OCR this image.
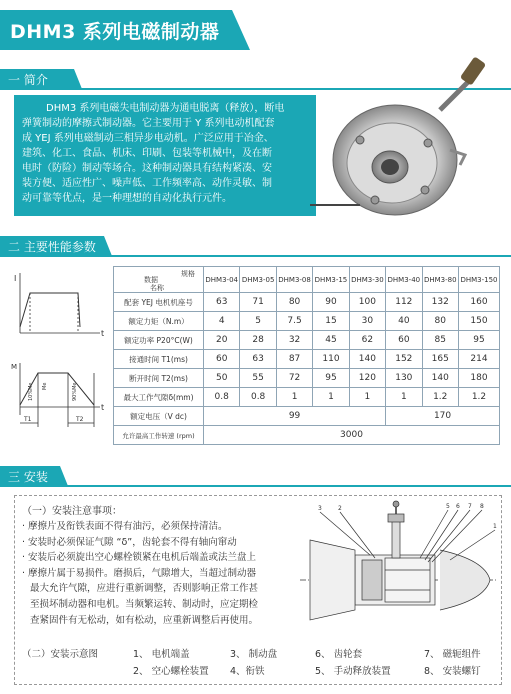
DHM3 系列电磁制动器
一 简介
DHM3 系列电磁失电制动器为通电脱离（释放），断电
弹簧制动的摩擦式制动器。它主要用于 Y 系列电动机配套
成 YEJ 系列电磁制动三相异步电动机。广泛应用于冶金、
建筑、化工、食品、机床、印刷、包装等机械中，及在断
电时（防险）制动等场合。这种制动器具有结构紧凑、安
装方便、适应性广、噪声低、工作频率高、动作灵敏、制
动可靠等优点，是一种理想的自动化执行元件。
二 主要性能参数
I
t
M
t
10%Me Me	90%Me
T1	T2
规格
数据
名称	DHM3-04	DHM3-05	DHM3-08	DHM3-15	DHM3-30	DHM3-40	DHM3-80	DHM3-150
配套 YEJ 电机机座号	63	71	80	90	100	112	132	160
额定力矩（N.m）	4	5	7.5	15	30	40	80	150
额定功率 P20°C(W)	20	28	32	45	62	60	85	95
接通时间 T1(ms)	60	63	87	110	140	152	165	214
断开时间 T2(ms)	50	55	72	95	120	130	140	180
最大工作气隙δ(mm)	0.8	0.8	1	1	1	1	1.2	1.2
额定电压（V dc)	99					170		
允许最高工作转速 (rpm)	3000							
三 安装
（一）安装注意事项：
· 摩擦片及衔铁表面不得有油污，必须保持清洁。
· 安装时必须保证气隙 “δ”，齿轮套不得有轴向窜动
· 安装后必须旋出空心螺栓锁紧在电机后端盖或法兰盘上
· 摩擦片属于易损件。磨损后，气隙增大，当超过制动器
最大允许气隙，应进行重新调整，否则影响正常工作甚
至损坏制动器和电机。当频繁运转、制动时，应定期检
查紧固件有无松动，如有松动，应重新调整后再使用。
3	2	5 6 7 8
1
（二）安装示意图	1、 电机端盖	3、 制动盘	6、 齿轮套	7、 磁轭组件
2、 空心螺栓装置 4、衔铁	5、 手动释放装置	8、 安装螺钉
